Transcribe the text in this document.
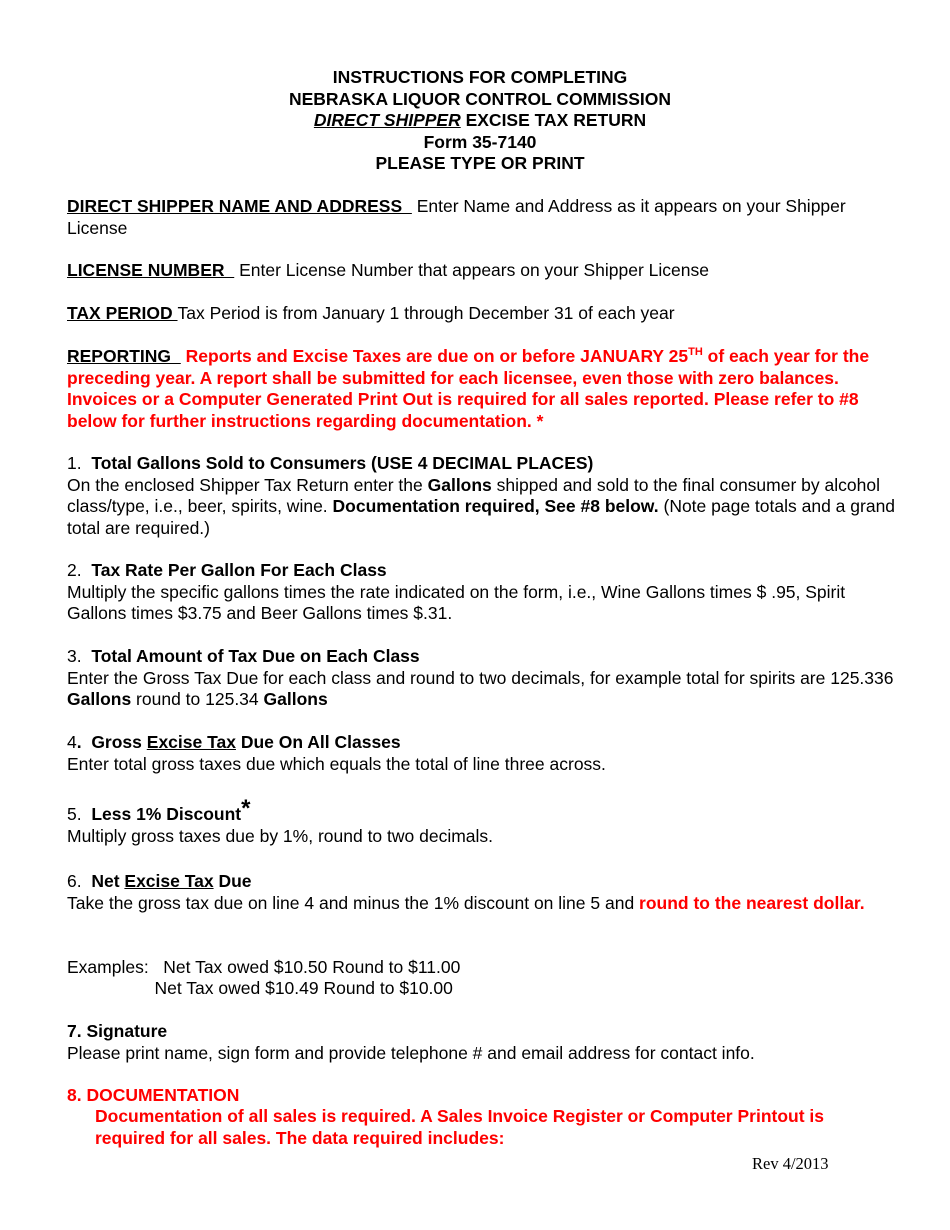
INSTRUCTIONS FOR COMPLETING
NEBRASKA LIQUOR CONTROL COMMISSION
DIRECT SHIPPER EXCISE TAX RETURN
Form 35-7140
PLEASE TYPE OR PRINT
DIRECT SHIPPER NAME AND ADDRESS   Enter Name and Address as it appears on your Shipper License
LICENSE NUMBER   Enter License Number that appears on your Shipper License
TAX PERIOD Tax Period is from January 1 through December 31 of each year
REPORTING   Reports and Excise Taxes are due on or before JANUARY 25TH of each year for the preceding year. A report shall be submitted for each licensee, even those with zero balances. Invoices or a Computer Generated Print Out is required for all sales reported. Please refer to #8 below for further instructions regarding documentation. *
1.  Total Gallons Sold to Consumers (USE 4 DECIMAL PLACES)
On the enclosed Shipper Tax Return enter the Gallons shipped and sold to the final consumer by alcohol class/type, i.e., beer, spirits, wine. Documentation required, See #8 below. (Note page totals and a grand total are required.)
2.  Tax Rate Per Gallon For Each Class
Multiply the specific gallons times the rate indicated on the form, i.e., Wine Gallons times $ .95, Spirit Gallons times $3.75 and Beer Gallons times $.31.
3.  Total Amount of Tax Due on Each Class
Enter the Gross Tax Due for each class and round to two decimals, for example total for spirits are 125.336 Gallons round to 125.34 Gallons
4.  Gross Excise Tax Due On All Classes
Enter total gross taxes due which equals the total of line three across.
5.  Less 1% Discount*
Multiply gross taxes due by 1%, round to two decimals.
6.  Net Excise Tax Due
Take the gross tax due on line 4 and minus the 1% discount on line 5 and round to the nearest dollar.
Examples:   Net Tax owed $10.50 Round to $11.00
Net Tax owed $10.49 Round to $10.00
7. Signature
Please print name, sign form and provide telephone # and email address for contact info.
8. DOCUMENTATION
Documentation of all sales is required. A Sales Invoice Register or Computer Printout is required for all sales. The data required includes:
Rev 4/2013
